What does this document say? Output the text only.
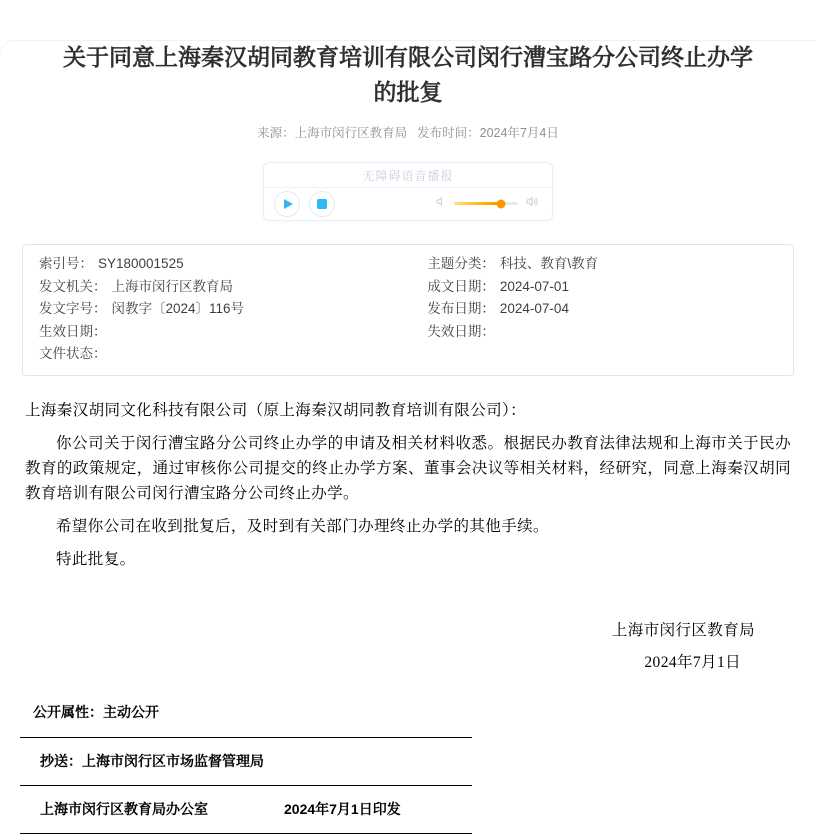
关于同意上海秦汉胡同教育培训有限公司闵行漕宝路分公司终止办学的批复
来源：上海市闵行区教育局 发布时间：2024年7月4日
无障碍语音播报
索引号： SY180001525
发文机关： 上海市闵行区教育局
发文字号： 闵教字〔2024〕116号
生效日期：
文件状态：
主题分类： 科技、教育\教育
成文日期： 2024-07-01
发布日期： 2024-07-04
失效日期：

上海秦汉胡同文化科技有限公司（原上海秦汉胡同教育培训有限公司）：

你公司关于闵行漕宝路分公司终止办学的申请及相关材料收悉。根据民办教育法律法规和上海市关于民办教育的政策规定，通过审核你公司提交的终止办学方案、董事会决议等相关材料，经研究，同意上海秦汉胡同教育培训有限公司闵行漕宝路分公司终止办学。

希望你公司在收到批复后，及时到有关部门办理终止办学的其他手续。

特此批复。

上海市闵行区教育局

2024年7月1日

公开属性：主动公开
抄送：上海市闵行区市场监督管理局
上海市闵行区教育局办公室	2024年7月1日印发
